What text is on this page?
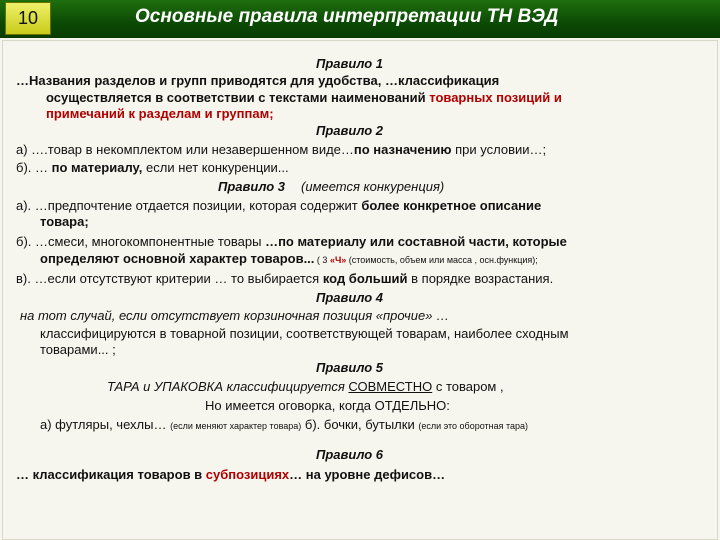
10	Основные правила интерпретации ТН ВЭД
Правило 1
…Названия разделов и групп приводятся для удобства, …классификация
осуществляется в соответствии с текстами наименований товарных позиций и
примечаний к разделам и группам;
Правило 2
а) ….товар в некомплектом или незавершенном виде…по назначению при условии…;
б). … по материалу, если нет конкуренции...
Правило 3 (имеется конкуренция)
а). …предпочтение отдается позиции, которая содержит более конкретное описание
товара;
б). …смеси, многокомпонентные товары …по материалу или составной части, которые
определяют основной характер товаров... ( 3 «Ч» (стоимость, объем или масса , осн.функция);
в). …если отсутствуют критерии … то выбирается код больший в порядке возрастания.
Правило 4
на тот случай, если отсутствует корзиночная позиция «прочие» …
классифицируются в товарной позиции, соответствующей товарам, наиболее сходным
товарами... ;
Правило 5
ТАРА и УПАКОВКА классифицируется СОВМЕСТНО с товаром ,
Но имеется оговорка, когда ОТДЕЛЬНО:
а) футляры, чехлы… (если меняют характер товара) б). бочки, бутылки (если это оборотная тара)
Правило 6
… классификация товаров в субпозициях… на уровне дефисов…
